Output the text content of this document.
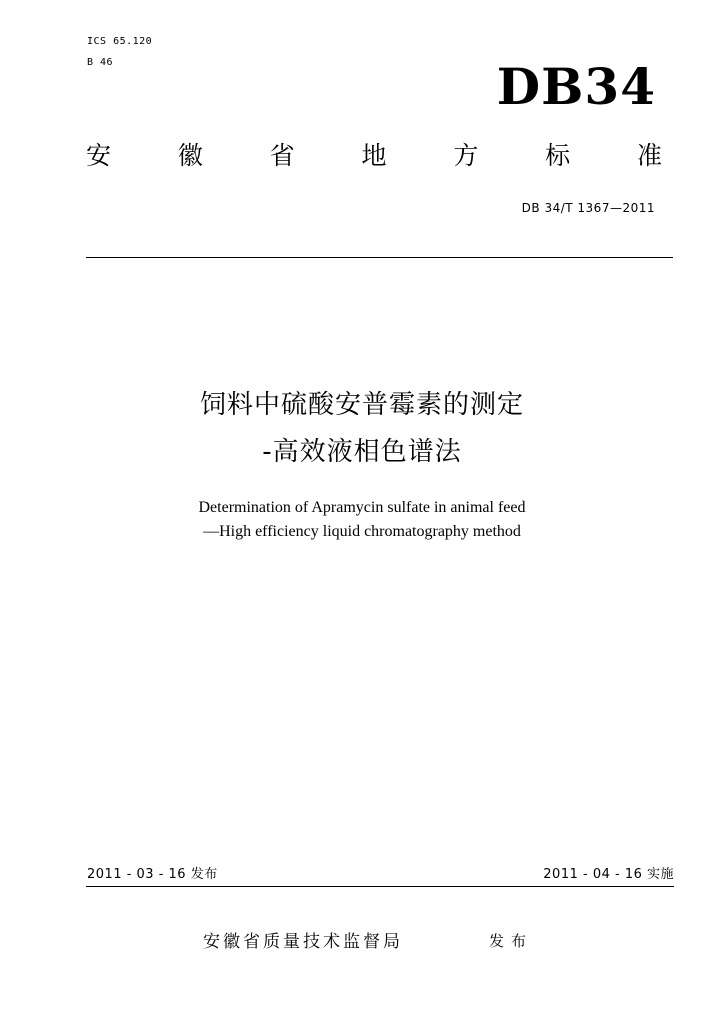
ICS 65.120
B 46	DB34
安	徽	省	地	方	标	准
DB 34/T 1367—2011
饲料中硫酸安普霉素的测定
-高效液相色谱法
Determination of Apramycin sulfate in animal feed
—High efficiency liquid chromatography method
2011 - 03 - 16 发布	2011 - 04 - 16 实施
安徽省质量技术监督局	发布
